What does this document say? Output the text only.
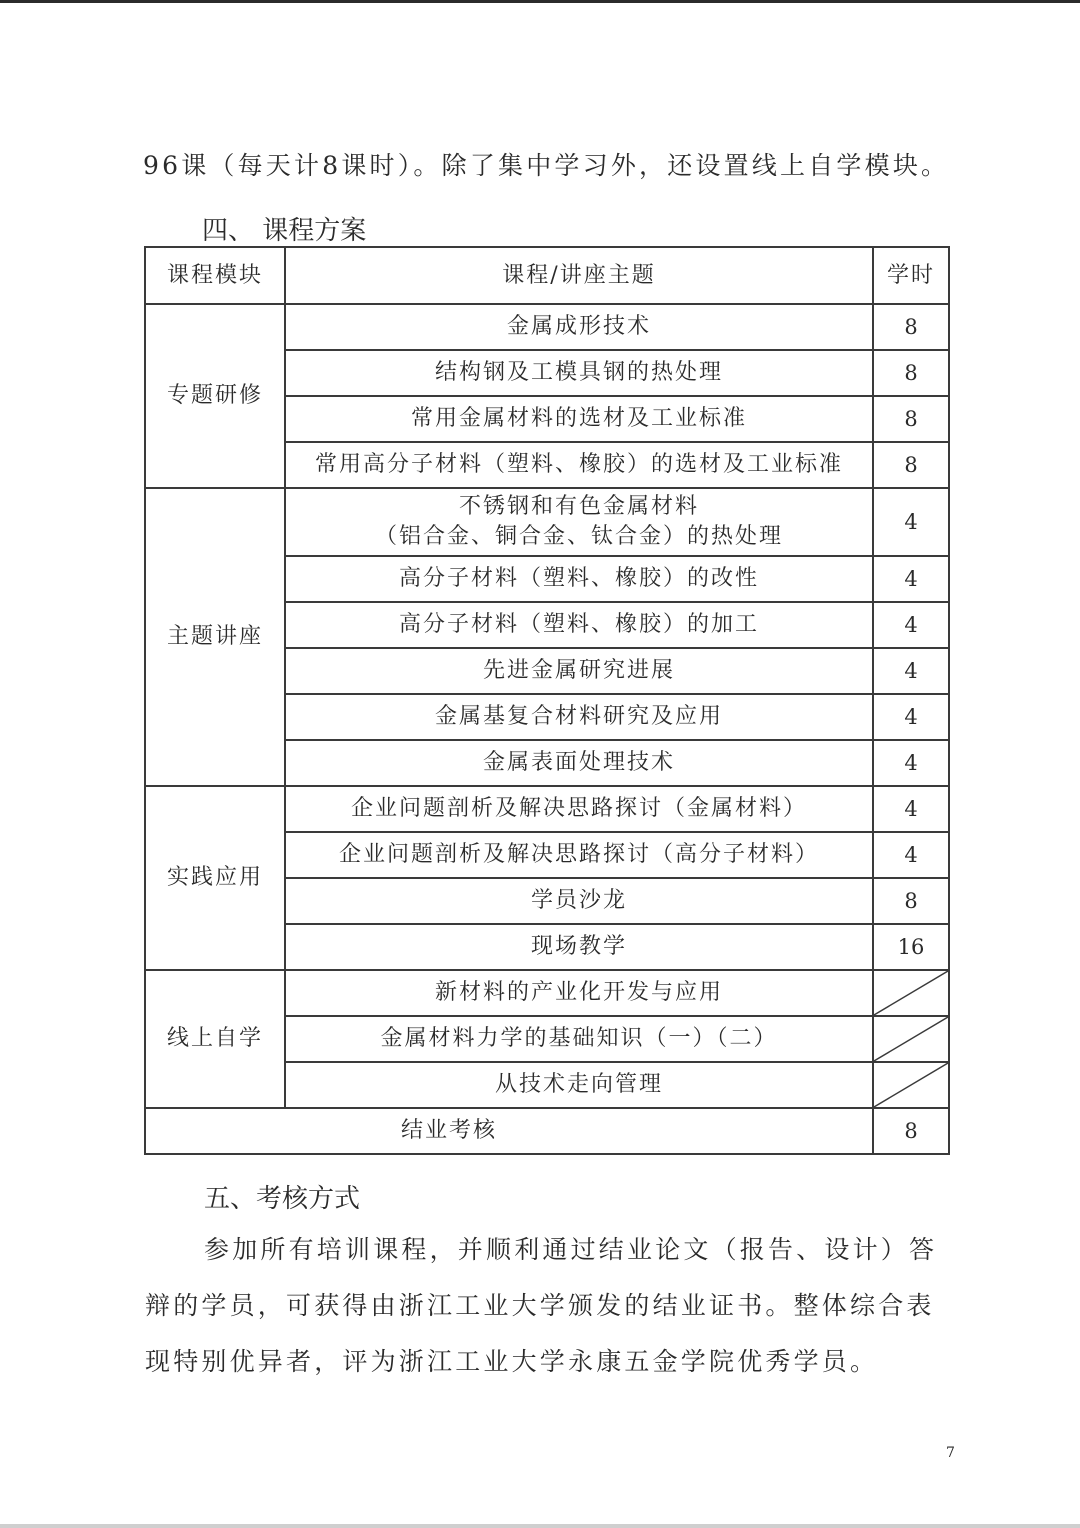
96课（每天计8课时）。除了集中学习外，还设置线上自学模块。
四、 课程方案
课程模块	课程/讲座主题	学时
专题研修	金属成形技术	8
	结构钢及工模具钢的热处理	8
	常用金属材料的选材及工业标准	8
	常用高分子材料（塑料、橡胶）的选材及工业标准	8
主题讲座	不锈钢和有色金属材料
（铝合金、铜合金、钛合金）的热处理	4
	高分子材料（塑料、橡胶）的改性	4
	高分子材料（塑料、橡胶）的加工	4
	先进金属研究进展	4
	金属基复合材料研究及应用	4
	金属表面处理技术	4
实践应用	企业问题剖析及解决思路探讨（金属材料）	4
	企业问题剖析及解决思路探讨（高分子材料）	4
	学员沙龙	8
	现场教学	16
线上自学	新材料的产业化开发与应用	

	金属材料力学的基础知识（一）（二）	

	从技术走向管理	

结业考核		8
五、考核方式
参加所有培训课程，并顺利通过结业论文（报告、设计）答
辩的学员，可获得由浙江工业大学颁发的结业证书。整体综合表
现特别优异者，评为浙江工业大学永康五金学院优秀学员。
7
